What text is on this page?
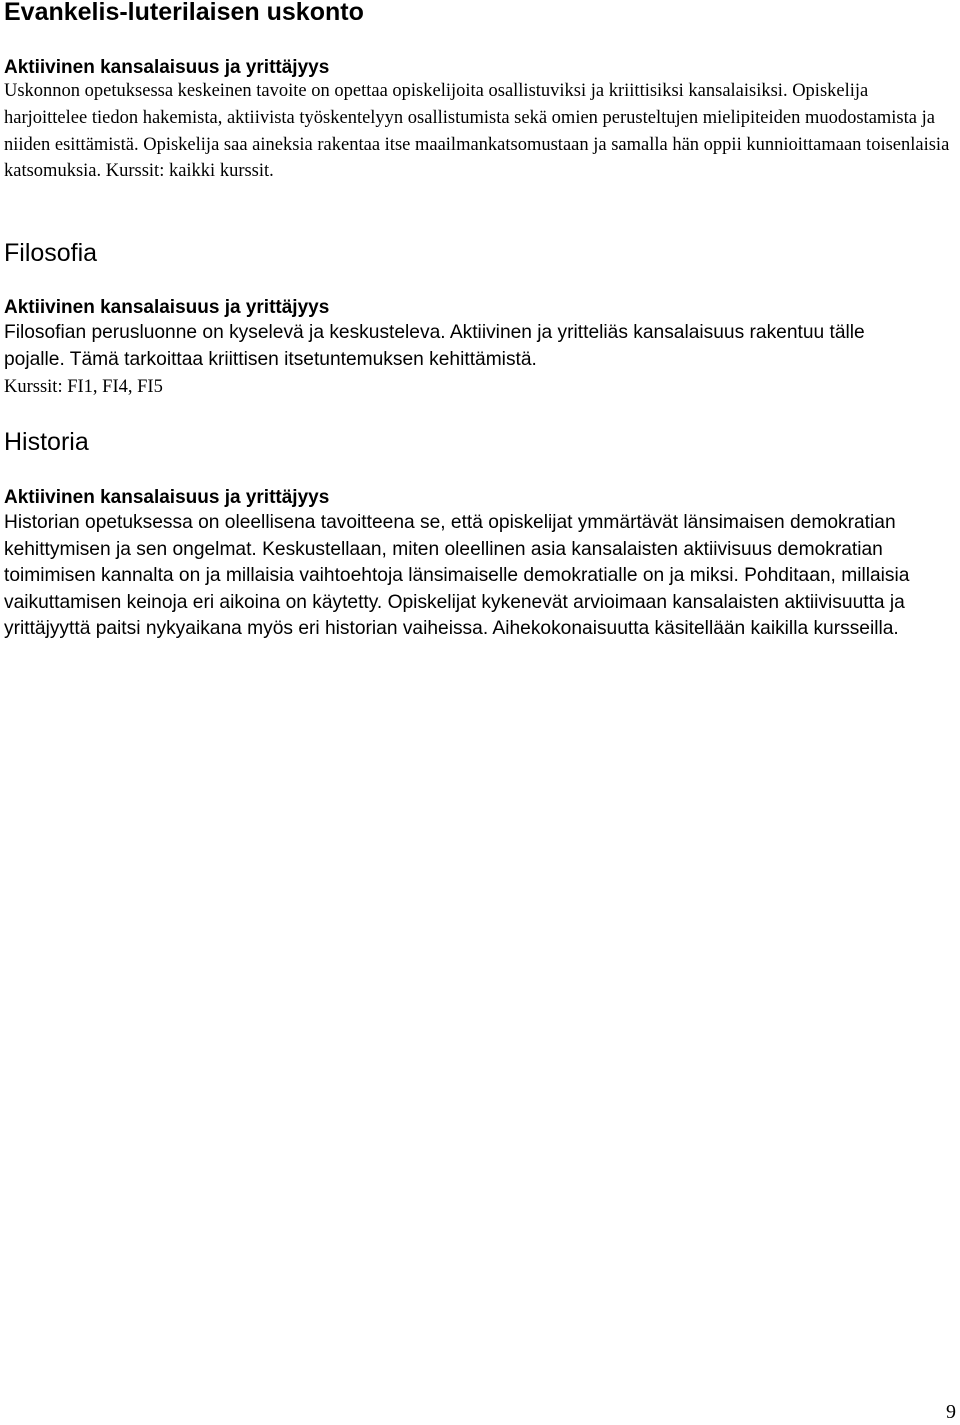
Evankelis-luterilaisen uskonto
Aktiivinen kansalaisuus ja yrittäjyys

Uskonnon opetuksessa keskeinen tavoite on opettaa opiskelijoita osallistuviksi ja kriittisiksi kansalaisiksi. Opiskelija harjoittelee tiedon hakemista, aktiivista työskentelyyn osallistumista sekä omien perusteltujen mielipiteiden muodostamista ja niiden esittämistä. Opiskelija saa aineksia rakentaa itse maailmankatsomustaan ja samalla hän oppii kunnioittamaan toisenlaisia katsomuksia. Kurssit: kaikki kurssit.

Filosofia
Aktiivinen kansalaisuus ja yrittäjyys

Filosofian perusluonne on kyselevä ja keskusteleva. Aktiivinen ja yritteliäs kansalaisuus rakentuu tälle pojalle. Tämä tarkoittaa kriittisen itsetuntemuksen kehittämistä.

Kurssit: FI1, FI4, FI5

Historia
Aktiivinen kansalaisuus ja yrittäjyys

Historian opetuksessa on oleellisena tavoitteena se, että opiskelijat ymmärtävät länsimaisen demokratian kehittymisen ja sen ongelmat. Keskustellaan, miten oleellinen asia kansalaisten aktiivisuus demokratian toimimisen kannalta on ja millaisia vaihtoehtoja länsimaiselle demokratialle on ja miksi. Pohditaan, millaisia vaikuttamisen keinoja eri aikoina on käytetty. Opiskelijat kykenevät arvioimaan kansalaisten aktiivisuutta ja yrittäjyyttä paitsi nykyaikana myös eri historian vaiheissa. Aihekokonaisuutta käsitellään kaikilla kursseilla.

9
